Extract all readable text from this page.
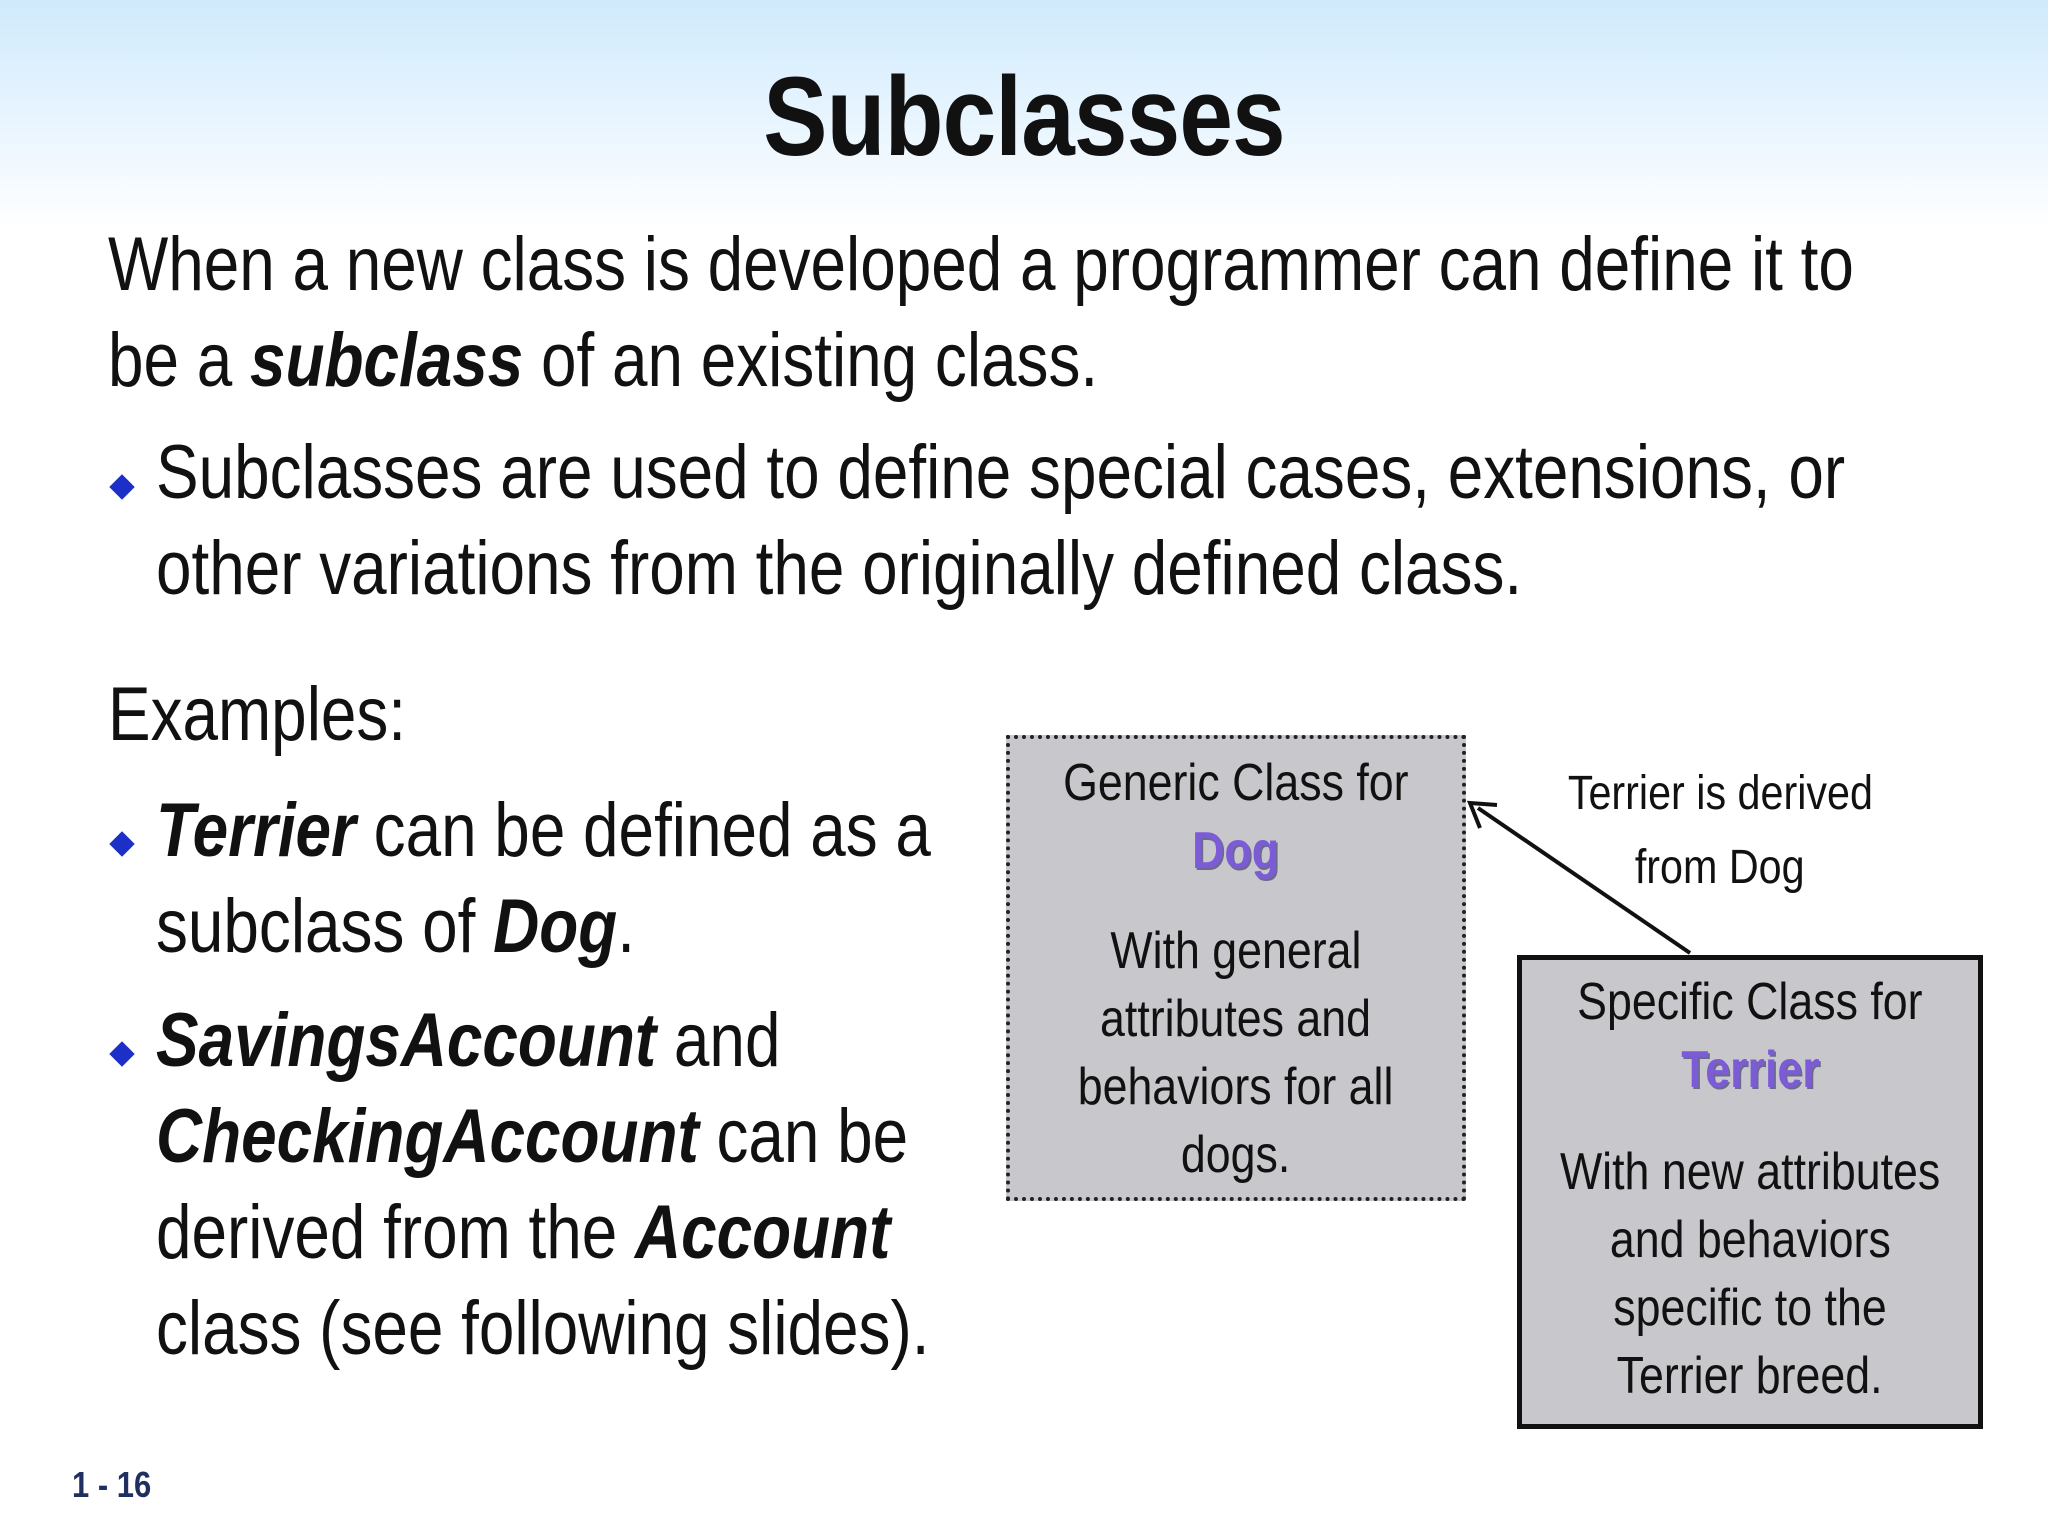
Subclasses
When a new class is developed a programmer can define it to
be a subclass of an existing class.
Subclasses are used to define special cases, extensions, or
other variations from the originally defined class.
Examples:
Terrier can be defined as a
subclass of Dog.
SavingsAccount and
CheckingAccount can be
derived from the Account
class (see following slides).
Generic Class for
Dog
With general
attributes and
behaviors for all
dogs.
Terrier is derived
from Dog
Specific Class for
Terrier
With new attributes
and behaviors
specific to the
Terrier breed.
1 - 16
